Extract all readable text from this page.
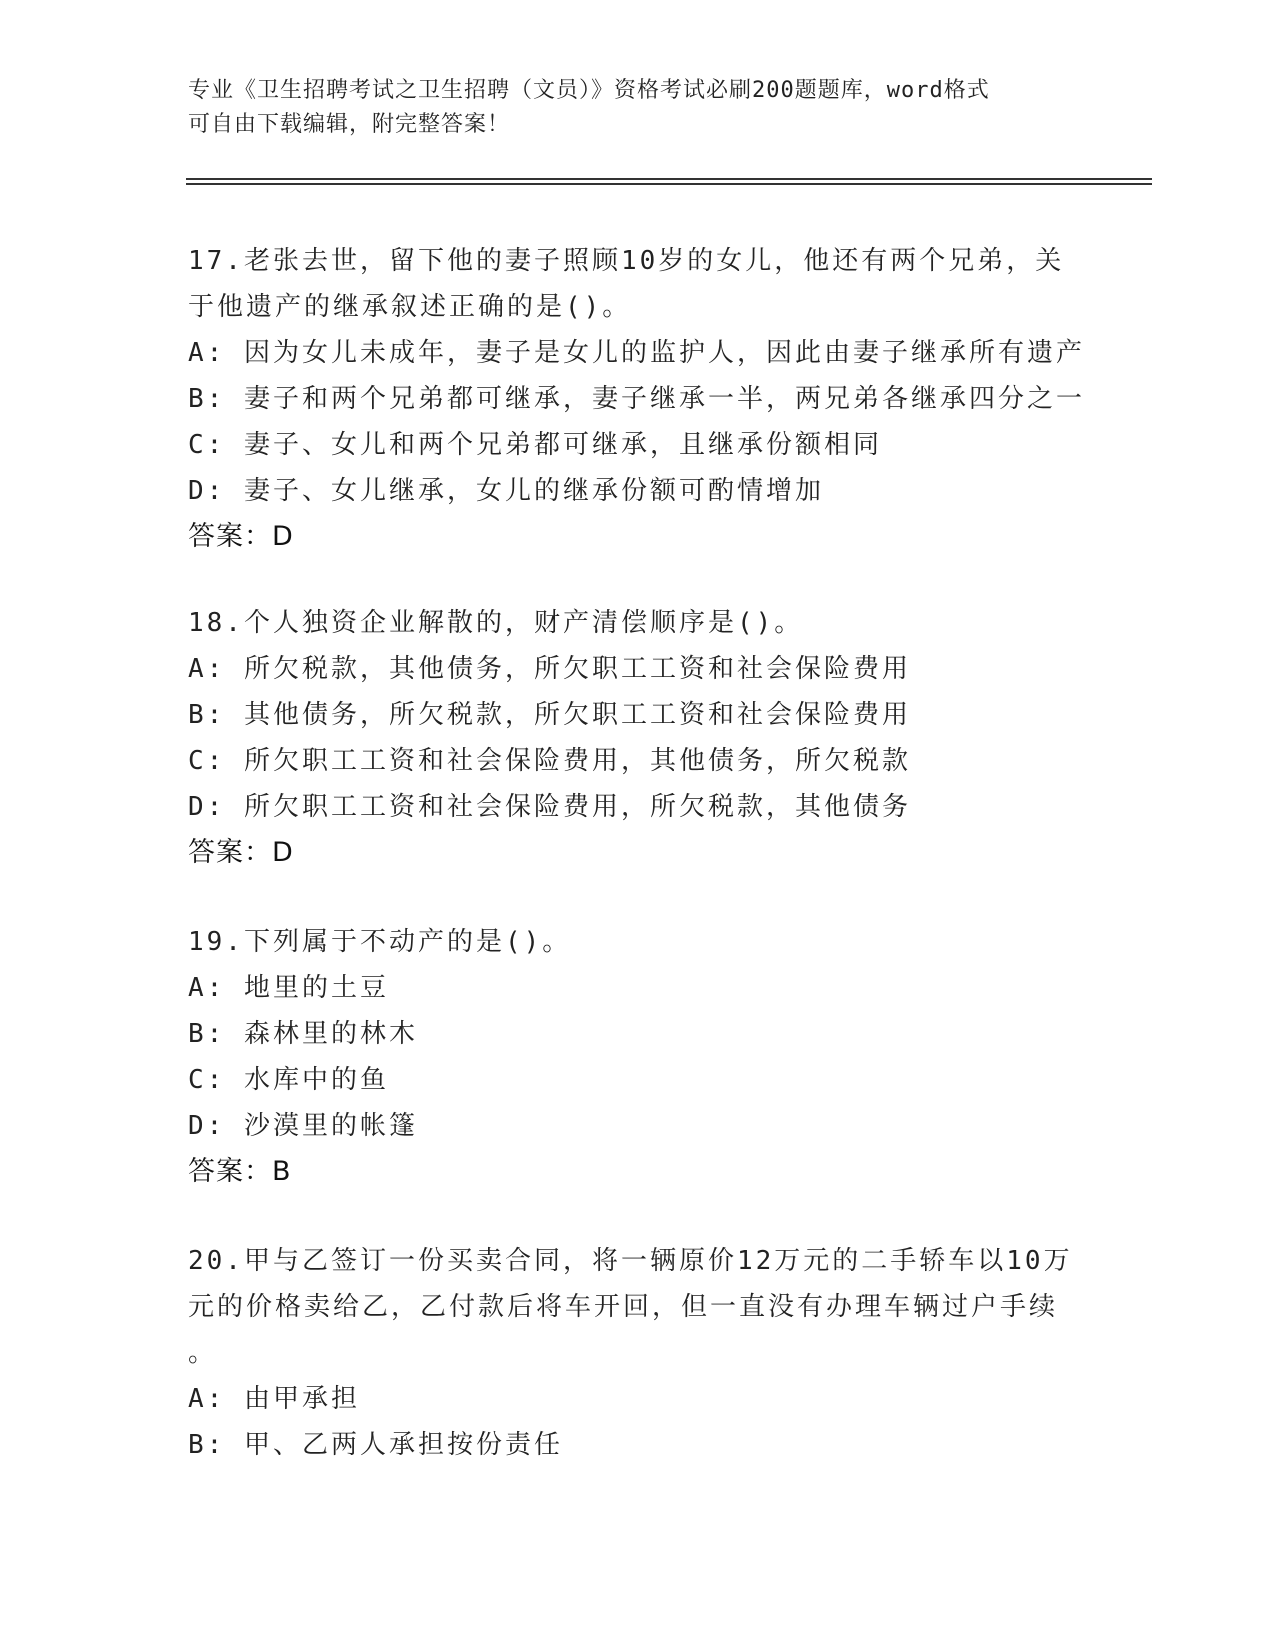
专业《卫生招聘考试之卫生招聘（文员）》资格考试必刷200题题库，word格式
可自由下载编辑，附完整答案！
17.老张去世，留下他的妻子照顾10岁的女儿，他还有两个兄弟，关
于他遗产的继承叙述正确的是()。
A: 因为女儿未成年，妻子是女儿的监护人，因此由妻子继承所有遗产
B: 妻子和两个兄弟都可继承，妻子继承一半，两兄弟各继承四分之一
C: 妻子、女儿和两个兄弟都可继承，且继承份额相同
D: 妻子、女儿继承，女儿的继承份额可酌情增加
答案：D
18.个人独资企业解散的，财产清偿顺序是()。
A: 所欠税款，其他债务，所欠职工工资和社会保险费用
B: 其他债务，所欠税款，所欠职工工资和社会保险费用
C: 所欠职工工资和社会保险费用，其他债务，所欠税款
D: 所欠职工工资和社会保险费用，所欠税款，其他债务
答案：D
19.下列属于不动产的是()。
A: 地里的土豆
B: 森林里的林木
C: 水库中的鱼
D: 沙漠里的帐篷
答案：B
20.甲与乙签订一份买卖合同，将一辆原价12万元的二手轿车以10万
元的价格卖给乙，乙付款后将车开回，但一直没有办理车辆过户手续
。
A: 由甲承担
B: 甲、乙两人承担按份责任
